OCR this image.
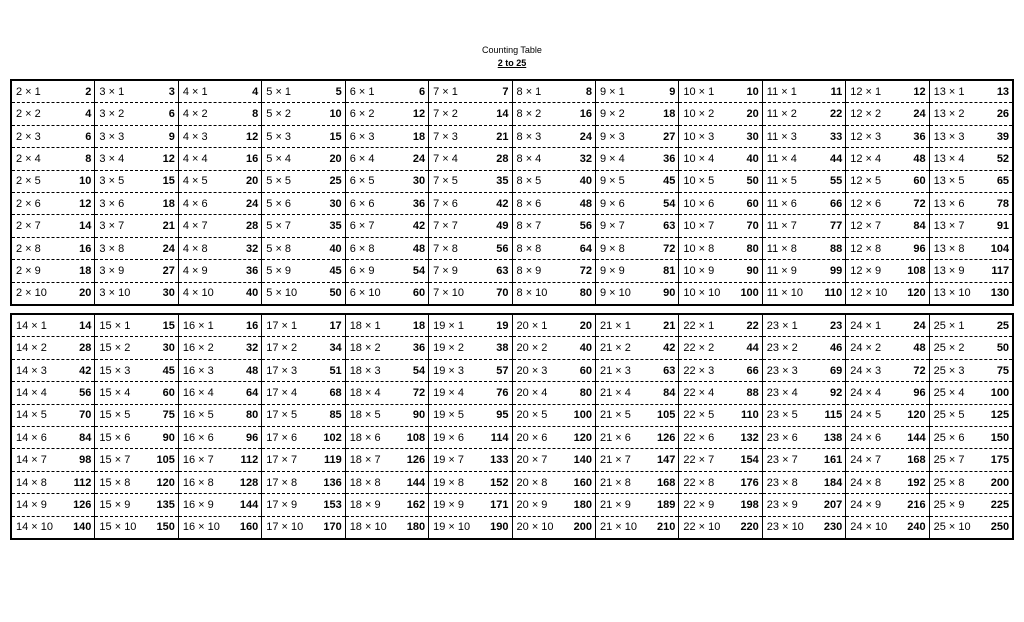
Counting Table
2 to 25
2 × 1	2
2 × 2	4
2 × 3	6
2 × 4	8
2 × 5	10
2 × 6	12
2 × 7	14
2 × 8	16
2 × 9	18
2 × 10	20
3 × 1	3
3 × 2	6
3 × 3	9
3 × 4	12
3 × 5	15
3 × 6	18
3 × 7	21
3 × 8	24
3 × 9	27
3 × 10	30
4 × 1	4
4 × 2	8
4 × 3	12
4 × 4	16
4 × 5	20
4 × 6	24
4 × 7	28
4 × 8	32
4 × 9	36
4 × 10	40
5 × 1	5
5 × 2	10
5 × 3	15
5 × 4	20
5 × 5	25
5 × 6	30
5 × 7	35
5 × 8	40
5 × 9	45
5 × 10	50
6 × 1	6
6 × 2	12
6 × 3	18
6 × 4	24
6 × 5	30
6 × 6	36
6 × 7	42
6 × 8	48
6 × 9	54
6 × 10	60
7 × 1	7
7 × 2	14
7 × 3	21
7 × 4	28
7 × 5	35
7 × 6	42
7 × 7	49
7 × 8	56
7 × 9	63
7 × 10	70
8 × 1	8
8 × 2	16
8 × 3	24
8 × 4	32
8 × 5	40
8 × 6	48
8 × 7	56
8 × 8	64
8 × 9	72
8 × 10	80
9 × 1	9
9 × 2	18
9 × 3	27
9 × 4	36
9 × 5	45
9 × 6	54
9 × 7	63
9 × 8	72
9 × 9	81
9 × 10	90
10 × 1	10
10 × 2	20
10 × 3	30
10 × 4	40
10 × 5	50
10 × 6	60
10 × 7	70
10 × 8	80
10 × 9	90
10 × 10	100
11 × 1	11
11 × 2	22
11 × 3	33
11 × 4	44
11 × 5	55
11 × 6	66
11 × 7	77
11 × 8	88
11 × 9	99
11 × 10	110
12 × 1	12
12 × 2	24
12 × 3	36
12 × 4	48
12 × 5	60
12 × 6	72
12 × 7	84
12 × 8	96
12 × 9	108
12 × 10	120
13 × 1	13
13 × 2	26
13 × 3	39
13 × 4	52
13 × 5	65
13 × 6	78
13 × 7	91
13 × 8	104
13 × 9	117
13 × 10	130
14 × 1	14
14 × 2	28
14 × 3	42
14 × 4	56
14 × 5	70
14 × 6	84
14 × 7	98
14 × 8	112
14 × 9	126
14 × 10	140
15 × 1	15
15 × 2	30
15 × 3	45
15 × 4	60
15 × 5	75
15 × 6	90
15 × 7	105
15 × 8	120
15 × 9	135
15 × 10	150
16 × 1	16
16 × 2	32
16 × 3	48
16 × 4	64
16 × 5	80
16 × 6	96
16 × 7	112
16 × 8	128
16 × 9	144
16 × 10	160
17 × 1	17
17 × 2	34
17 × 3	51
17 × 4	68
17 × 5	85
17 × 6	102
17 × 7	119
17 × 8	136
17 × 9	153
17 × 10	170
18 × 1	18
18 × 2	36
18 × 3	54
18 × 4	72
18 × 5	90
18 × 6	108
18 × 7	126
18 × 8	144
18 × 9	162
18 × 10	180
19 × 1	19
19 × 2	38
19 × 3	57
19 × 4	76
19 × 5	95
19 × 6	114
19 × 7	133
19 × 8	152
19 × 9	171
19 × 10	190
20 × 1	20
20 × 2	40
20 × 3	60
20 × 4	80
20 × 5	100
20 × 6	120
20 × 7	140
20 × 8	160
20 × 9	180
20 × 10	200
21 × 1	21
21 × 2	42
21 × 3	63
21 × 4	84
21 × 5	105
21 × 6	126
21 × 7	147
21 × 8	168
21 × 9	189
21 × 10	210
22 × 1	22
22 × 2	44
22 × 3	66
22 × 4	88
22 × 5	110
22 × 6	132
22 × 7	154
22 × 8	176
22 × 9	198
22 × 10	220
23 × 1	23
23 × 2	46
23 × 3	69
23 × 4	92
23 × 5	115
23 × 6	138
23 × 7	161
23 × 8	184
23 × 9	207
23 × 10	230
24 × 1	24
24 × 2	48
24 × 3	72
24 × 4	96
24 × 5	120
24 × 6	144
24 × 7	168
24 × 8	192
24 × 9	216
24 × 10	240
25 × 1	25
25 × 2	50
25 × 3	75
25 × 4	100
25 × 5	125
25 × 6	150
25 × 7	175
25 × 8	200
25 × 9	225
25 × 10	250
